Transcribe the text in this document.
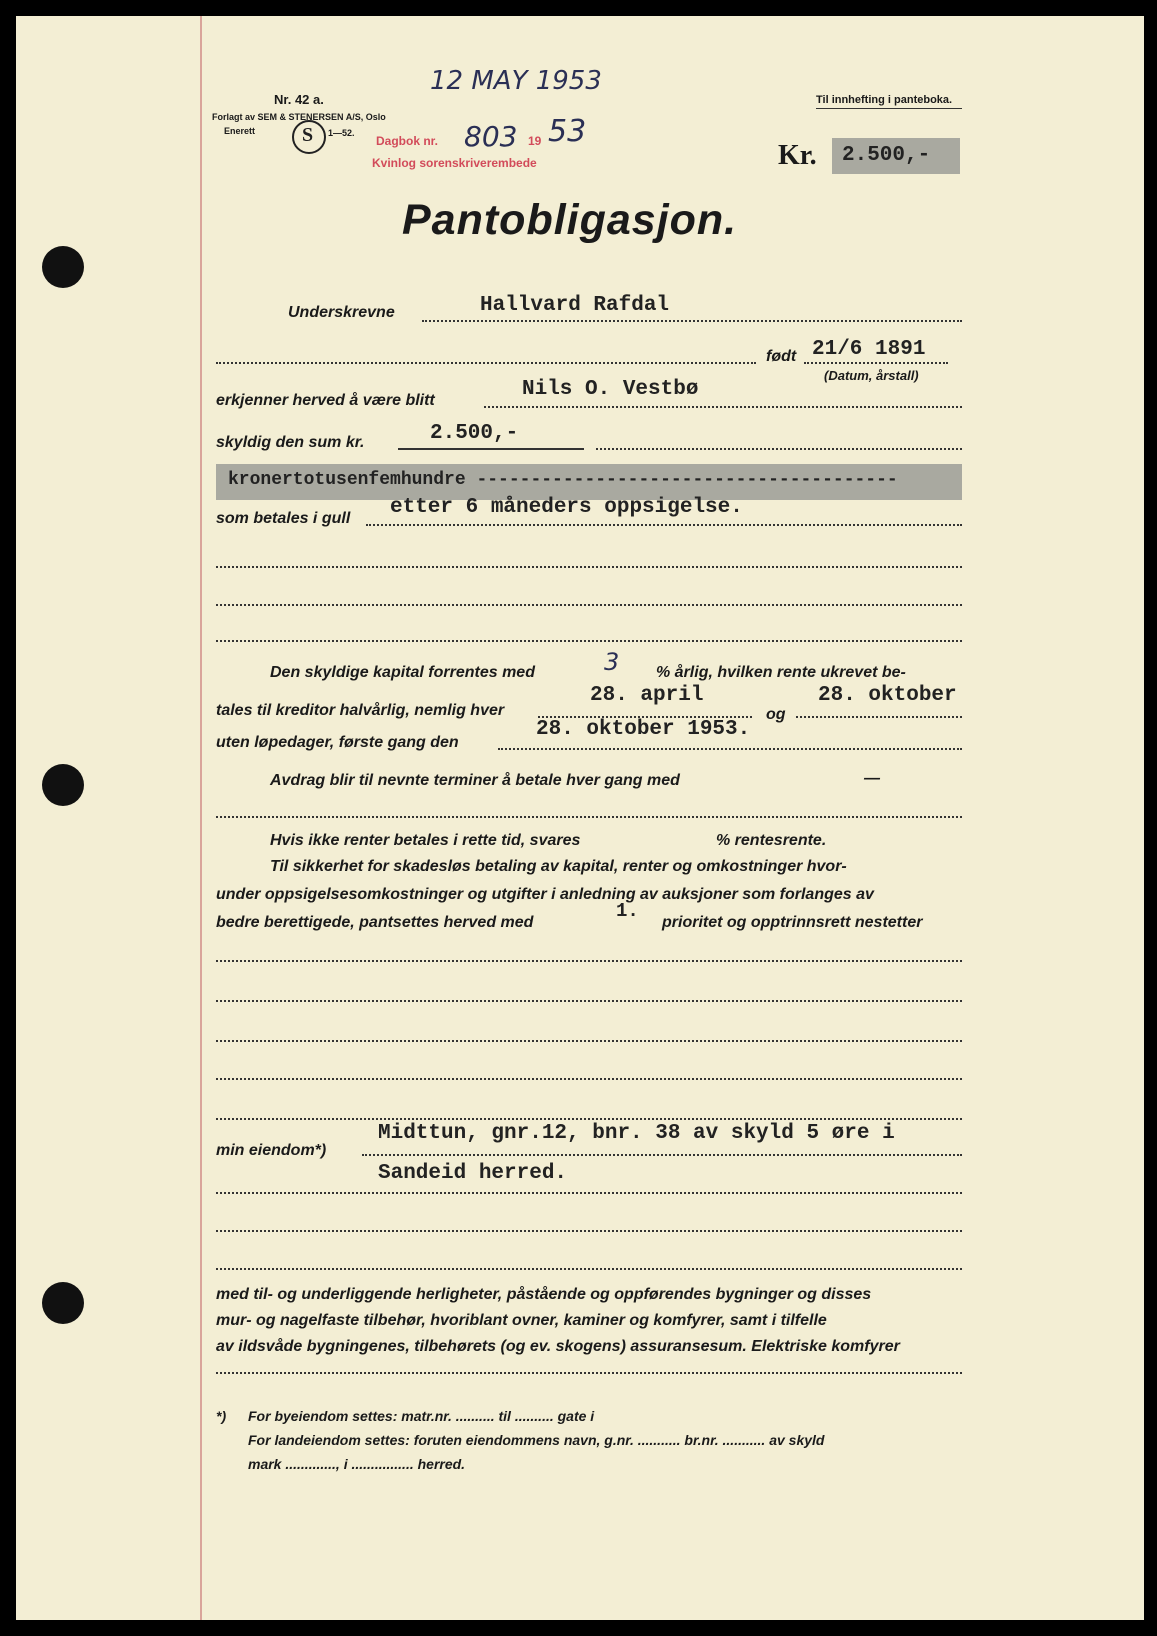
12 MAY 1953
Nr. 42 a.
Forlagt av SEM & STENERSEN A/S, Oslo
Enerett S 1—52.
Til innhefting i panteboka.
Dagbok nr. 803 19 53
Kvinlog sorenskriverembede	Kr. 2.500,-
Pantobligasjon.
Underskrevne	Hallvard Rafdal
født 21/6 1891
(Datum, årstall)
erkjenner herved å være blitt	Nils O. Vestbø
skyldig den sum kr.	2.500,-
kronertotusenfemhundre ---------------------------------------
som betales i gull etter 6 måneders oppsigelse.
Den skyldige kapital forrentes med	3 % årlig, hvilken rente ukrevet be-
tales til kreditor halvårlig, nemlig hver
28. april
og
28. oktober
uten løpedager, første gang den
28. oktober 1953.
Avdrag blir til nevnte terminer å betale hver gang med	—
Hvis ikke renter betales i rette tid, svares	% rentesrente.
Til sikkerhet for skadesløs betaling av kapital, renter og omkostninger hvor-
under oppsigelsesomkostninger og utgifter i anledning av auksjoner som forlanges av
bedre berettigede, pantsettes herved med
1.
prioritet og opptrinnsrett nestetter
Midttun, gnr.12, bnr. 38 av skyld 5 øre i
min eiendom*)
Sandeid herred.
med til- og underliggende herligheter, påstående og oppførendes bygninger og disses
mur- og nagelfaste tilbehør, hvoriblant ovner, kaminer og komfyrer, samt i tilfelle
av ildsvåde bygningenes, tilbehørets (og ev. skogens) assuransesum. Elektriske komfyrer
*) For byeiendom settes: matr.nr. .......... til .......... gate i
For landeiendom settes: foruten eiendommens navn, g.nr. ........... br.nr. ........... av skyld
mark ............., i ................ herred.
